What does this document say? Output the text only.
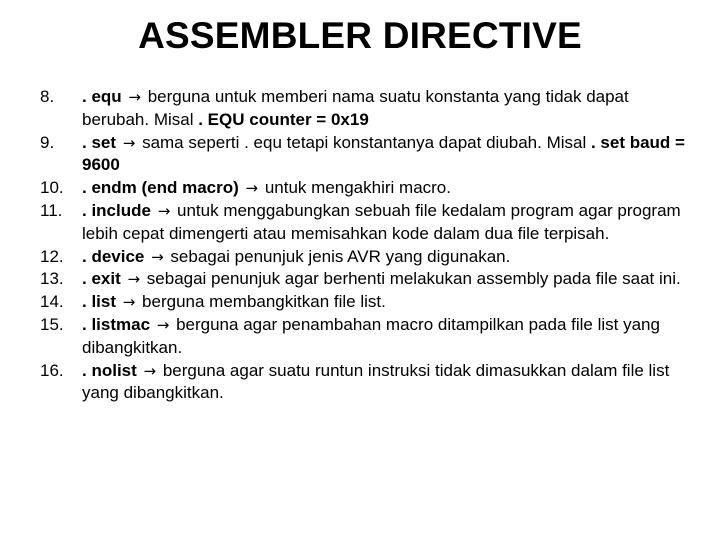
ASSEMBLER DIRECTIVE
8.	. equ → berguna untuk memberi nama suatu konstanta yang tidak dapat berubah. Misal . EQU counter = 0x19
9.	. set → sama seperti . equ tetapi konstantanya dapat diubah. Misal . set baud = 9600
10.	. endm (end macro) → untuk mengakhiri macro.
11.	. include → untuk menggabungkan sebuah file kedalam program agar program lebih cepat dimengerti atau memisahkan kode dalam dua file terpisah.
12.	. device → sebagai penunjuk jenis AVR yang digunakan.
13.	. exit → sebagai penunjuk agar berhenti melakukan assembly pada file saat ini.
14.	. list → berguna membangkitkan file list.
15.	. listmac → berguna agar penambahan macro ditampilkan pada file list yang dibangkitkan.
16.	. nolist → berguna agar suatu runtun instruksi tidak dimasukkan dalam file list yang dibangkitkan.
